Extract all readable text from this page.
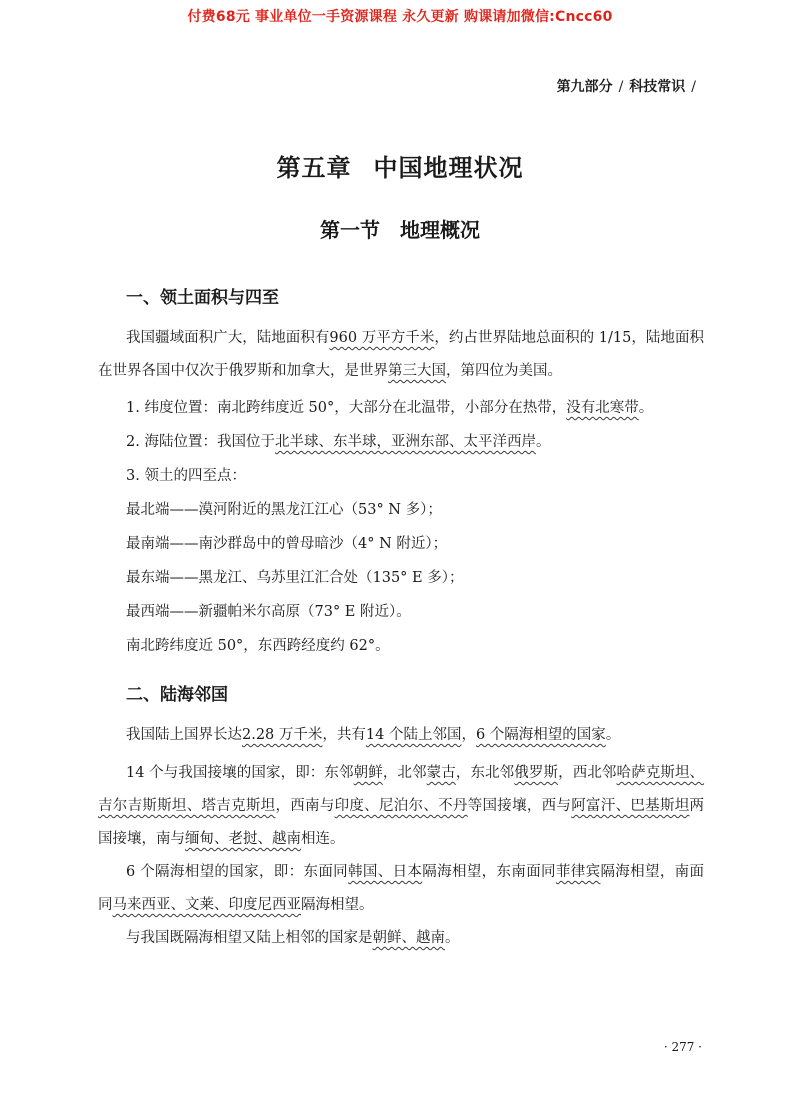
付费68元 事业单位一手资源课程 永久更新 购课请加微信:Cncc60
第九部分 / 科技常识 /
第五章 中国地理状况
第一节 地理概况
一、领土面积与四至
我国疆域面积广大，陆地面积有960 万平方千米，约占世界陆地总面积的 1/15，陆地面积在世界各国中仅次于俄罗斯和加拿大，是世界第三大国，第四位为美国。
1. 纬度位置：南北跨纬度近 50°，大部分在北温带，小部分在热带，没有北寒带。
2. 海陆位置：我国位于北半球、东半球，亚洲东部、太平洋西岸。
3. 领土的四至点：
最北端——漠河附近的黑龙江江心（53° N 多）；
最南端——南沙群岛中的曾母暗沙（4° N 附近）；
最东端——黑龙江、乌苏里江汇合处（135° E 多）；
最西端——新疆帕米尔高原（73° E 附近）。
南北跨纬度近 50°，东西跨经度约 62°。
二、陆海邻国
我国陆上国界长达2.28 万千米，共有14 个陆上邻国，6 个隔海相望的国家。
14 个与我国接壤的国家，即：东邻朝鲜，北邻蒙古，东北邻俄罗斯，西北邻哈萨克斯坦、吉尔吉斯斯坦、塔吉克斯坦，西南与印度、尼泊尔、不丹等国接壤，西与阿富汗、巴基斯坦两国接壤，南与缅甸、老挝、越南相连。
6 个隔海相望的国家，即：东面同韩国、日本隔海相望，东南面同菲律宾隔海相望，南面同马来西亚、文莱、印度尼西亚隔海相望。
与我国既隔海相望又陆上相邻的国家是朝鲜、越南。
· 277 ·
